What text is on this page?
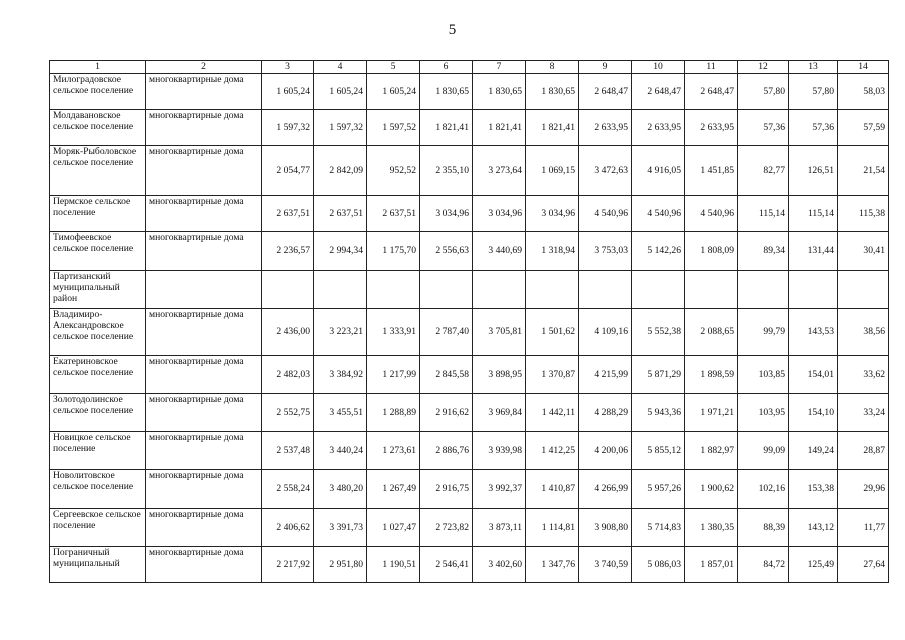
5
1	2	3	4	5	6	7	8	9	10	11	12	13	14
Милоградовское сельское поселение	многоквартирные дома	1 605,24	1 605,24	1 605,24	1 830,65	1 830,65	1 830,65	2 648,47	2 648,47	2 648,47	57,80	57,80	58,03
Молдавановское сельское поселение	многоквартирные дома	1 597,32	1 597,32	1 597,52	1 821,41	1 821,41	1 821,41	2 633,95	2 633,95	2 633,95	57,36	57,36	57,59
Моряк-Рыболовское сельское поселение	многоквартирные дома	2 054,77	2 842,09	952,52	2 355,10	3 273,64	1 069,15	3 472,63	4 916,05	1 451,85	82,77	126,51	21,54
Пермское сельское поселение	многоквартирные дома	2 637,51	2 637,51	2 637,51	3 034,96	3 034,96	3 034,96	4 540,96	4 540,96	4 540,96	115,14	115,14	115,38
Тимофеевское сельское поселение	многоквартирные дома	2 236,57	2 994,34	1 175,70	2 556,63	3 440,69	1 318,94	3 753,03	5 142,26	1 808,09	89,34	131,44	30,41
Партизанский муниципальный район													
Владимиро-Александровское сельское поселение	многоквартирные дома	2 436,00	3 223,21	1 333,91	2 787,40	3 705,81	1 501,62	4 109,16	5 552,38	2 088,65	99,79	143,53	38,56
Екатериновское сельское поселение	многоквартирные дома	2 482,03	3 384,92	1 217,99	2 845,58	3 898,95	1 370,87	4 215,99	5 871,29	1 898,59	103,85	154,01	33,62
Золотодолинское сельское поселение	многоквартирные дома	2 552,75	3 455,51	1 288,89	2 916,62	3 969,84	1 442,11	4 288,29	5 943,36	1 971,21	103,95	154,10	33,24
Новицкое сельское поселение	многоквартирные дома	2 537,48	3 440,24	1 273,61	2 886,76	3 939,98	1 412,25	4 200,06	5 855,12	1 882,97	99,09	149,24	28,87
Новолитовское сельское поселение	многоквартирные дома	2 558,24	3 480,20	1 267,49	2 916,75	3 992,37	1 410,87	4 266,99	5 957,26	1 900,62	102,16	153,38	29,96
Сергеевское сельское поселение	многоквартирные дома	2 406,62	3 391,73	1 027,47	2 723,82	3 873,11	1 114,81	3 908,80	5 714,83	1 380,35	88,39	143,12	11,77
Пограничный муниципальный	многоквартирные дома	2 217,92	2 951,80	1 190,51	2 546,41	3 402,60	1 347,76	3 740,59	5 086,03	1 857,01	84,72	125,49	27,64
